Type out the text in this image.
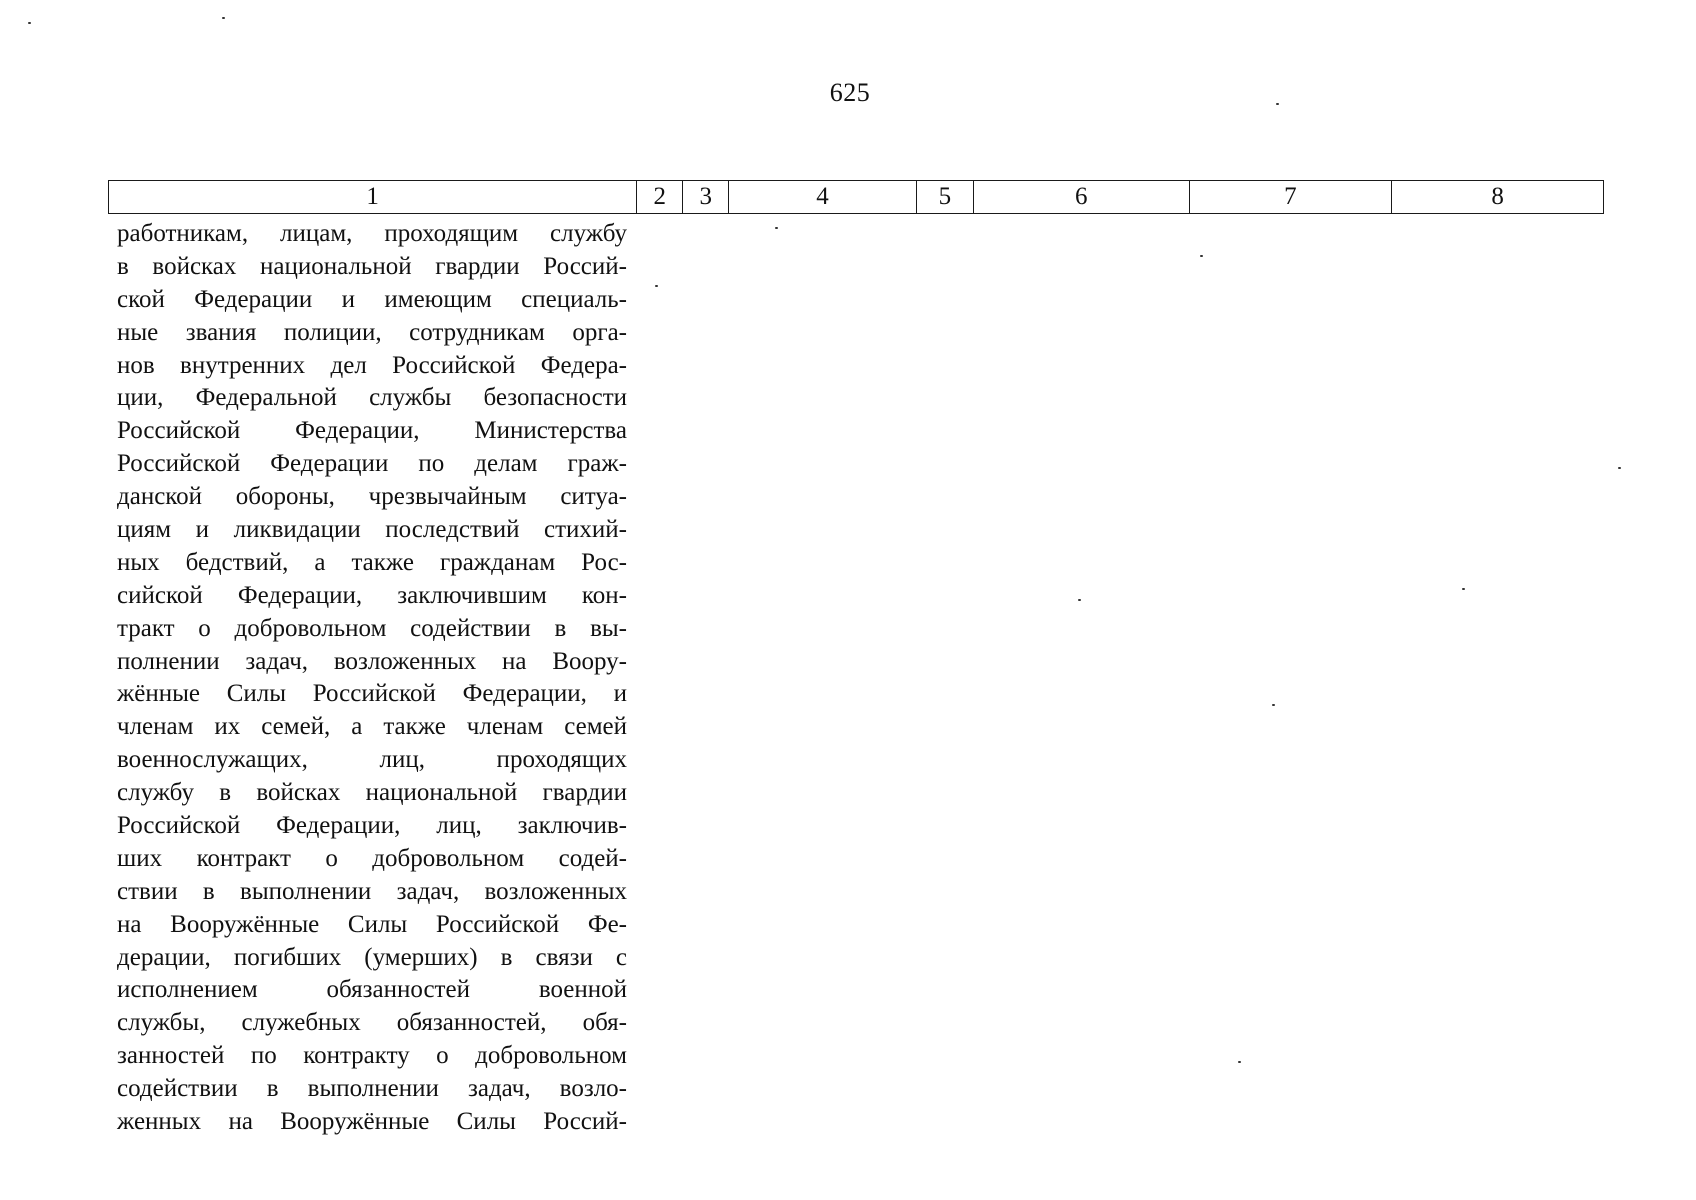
625
1	2	3	4	5	6	7	8
работникам, лицам, проходящим службу
в войсках национальной гвардии Россий-
ской Федерации и имеющим специаль-
ные звания полиции, сотрудникам орга-
нов внутренних дел Российской Федера-
ции, Федеральной службы безопасности
Российской Федерации, Министерства
Российской Федерации по делам граж-
данской обороны, чрезвычайным ситуа-
циям и ликвидации последствий стихий-
ных бедствий, а также гражданам Рос-
сийской Федерации, заключившим кон-
тракт о добровольном содействии в вы-
полнении задач, возложенных на Воору-
жённые Силы Российской Федерации, и
членам их семей, а также членам семей
военнослужащих, лиц, проходящих
службу в войсках национальной гвардии
Российской Федерации, лиц, заключив-
ших контракт о добровольном содей-
ствии в выполнении задач, возложенных
на Вооружённые Силы Российской Фе-
дерации, погибших (умерших) в связи с
исполнением обязанностей военной
службы, служебных обязанностей, обя-
занностей по контракту о добровольном
содействии в выполнении задач, возло-
женных на Вооружённые Силы Россий-
